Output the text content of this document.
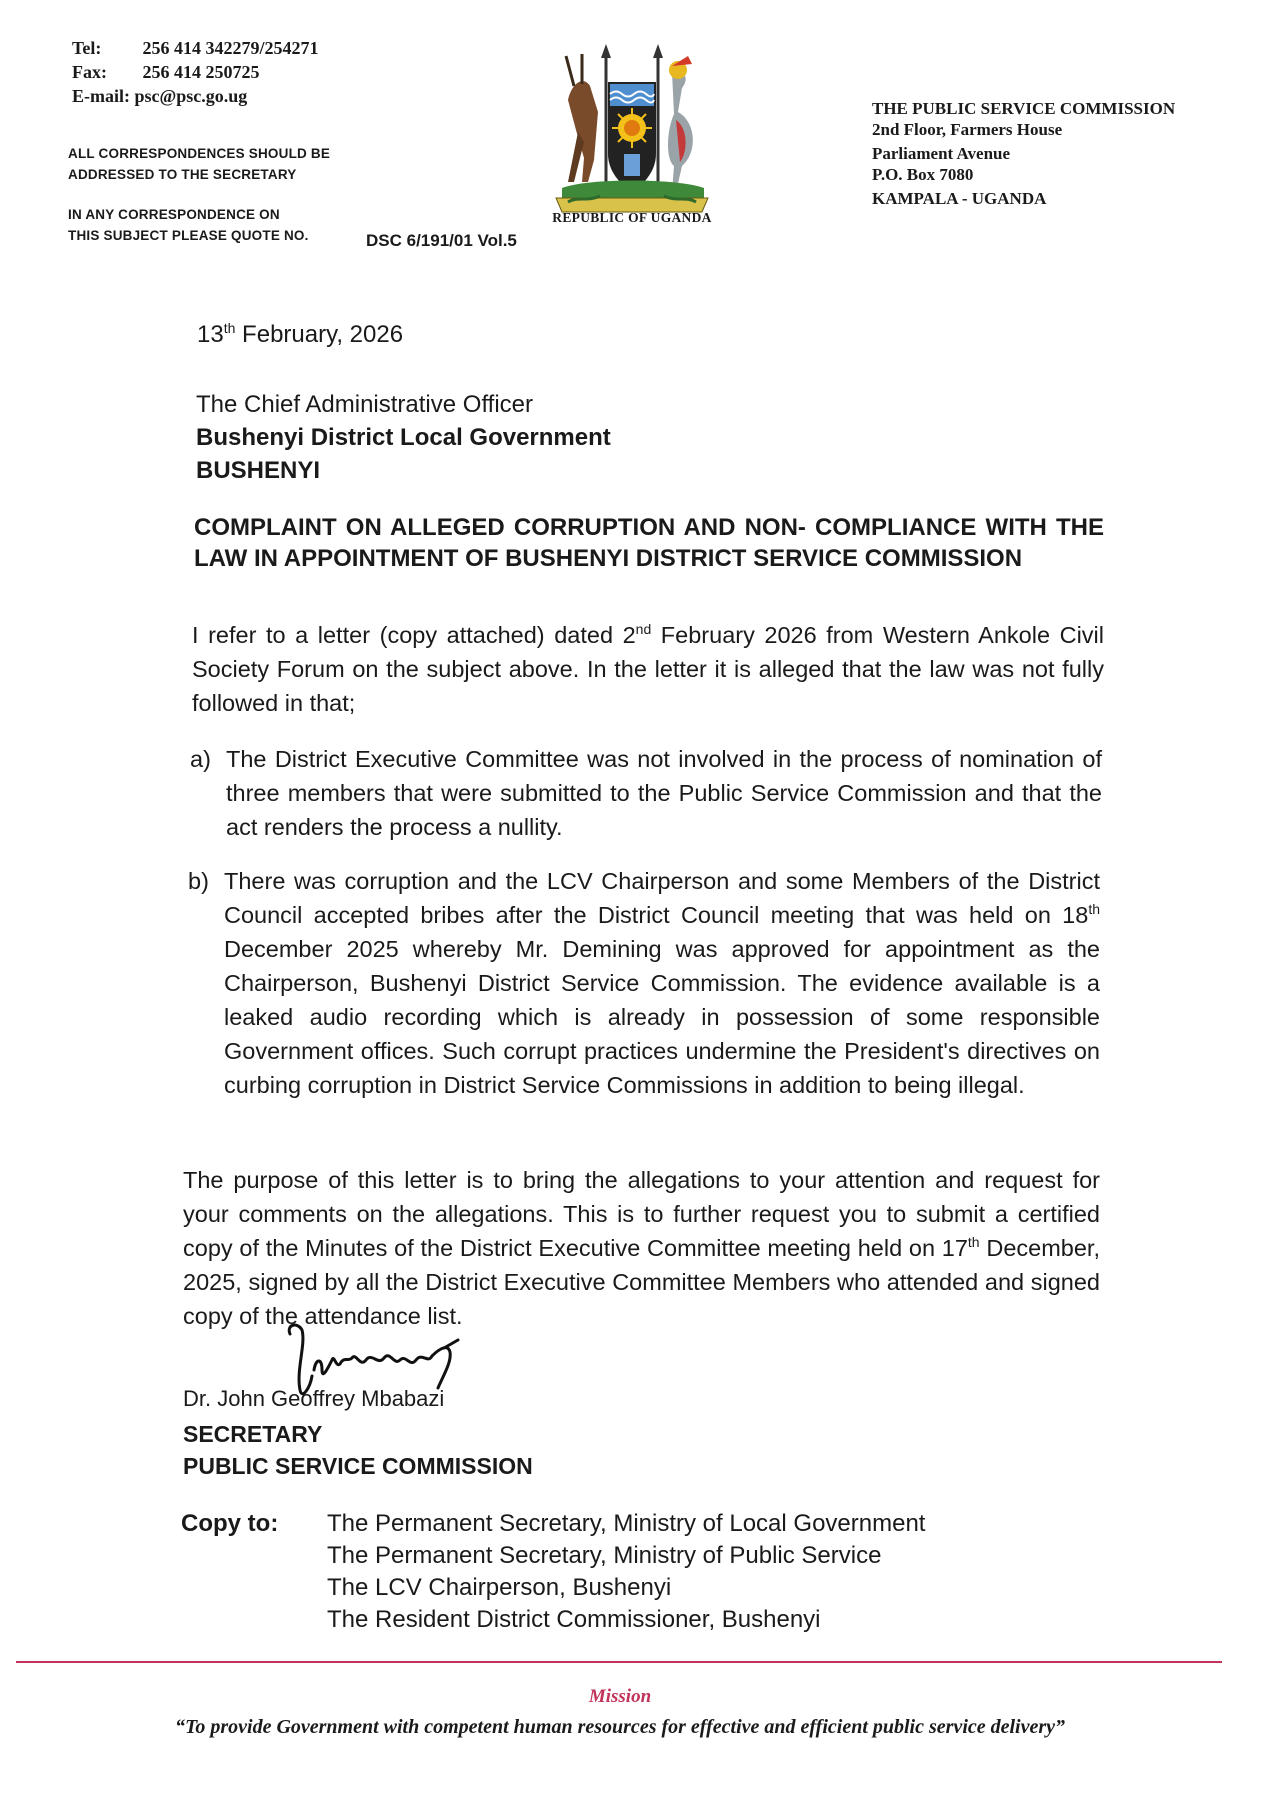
Tel: 256 414 342279/254271
Fax: 256 414 250725
E-mail: psc@psc.go.ug
ALL CORRESPONDENCES SHOULD BE
ADDRESSED TO THE SECRETARY
IN ANY CORRESPONDENCE ON
THIS SUBJECT PLEASE QUOTE NO.	DSC 6/191/01 Vol.5
REPUBLIC OF UGANDA
THE PUBLIC SERVICE COMMISSION
2nd Floor, Farmers House
Parliament Avenue
P.O. Box 7080
KAMPALA - UGANDA
13th February, 2026
The Chief Administrative Officer
Bushenyi District Local Government
BUSHENYI
COMPLAINT ON ALLEGED CORRUPTION AND NON- COMPLIANCE WITH THE LAW IN APPOINTMENT OF BUSHENYI DISTRICT SERVICE COMMISSION
I refer to a letter (copy attached) dated 2nd February 2026 from Western Ankole Civil Society Forum on the subject above. In the letter it is alleged that the law was not fully followed in that;
a) The District Executive Committee was not involved in the process of nomination of three members that were submitted to the Public Service Commission and that the act renders the process a nullity.
b) There was corruption and the LCV Chairperson and some Members of the District Council accepted bribes after the District Council meeting that was held on 18th December 2025 whereby Mr. Demining was approved for appointment as the Chairperson, Bushenyi District Service Commission. The evidence available is a leaked audio recording which is already in possession of some responsible Government offices. Such corrupt practices undermine the President's directives on curbing corruption in District Service Commissions in addition to being illegal.
The purpose of this letter is to bring the allegations to your attention and request for your comments on the allegations. This is to further request you to submit a certified copy of the Minutes of the District Executive Committee meeting held on 17th December, 2025, signed by all the District Executive Committee Members who attended and signed copy of the attendance list.
Dr. John Geoffrey Mbabazi
SECRETARY
PUBLIC SERVICE COMMISSION
Copy to: The Permanent Secretary, Ministry of Local Government
The Permanent Secretary, Ministry of Public Service
The LCV Chairperson, Bushenyi
The Resident District Commissioner, Bushenyi
Mission
“To provide Government with competent human resources for effective and efficient public service delivery”
